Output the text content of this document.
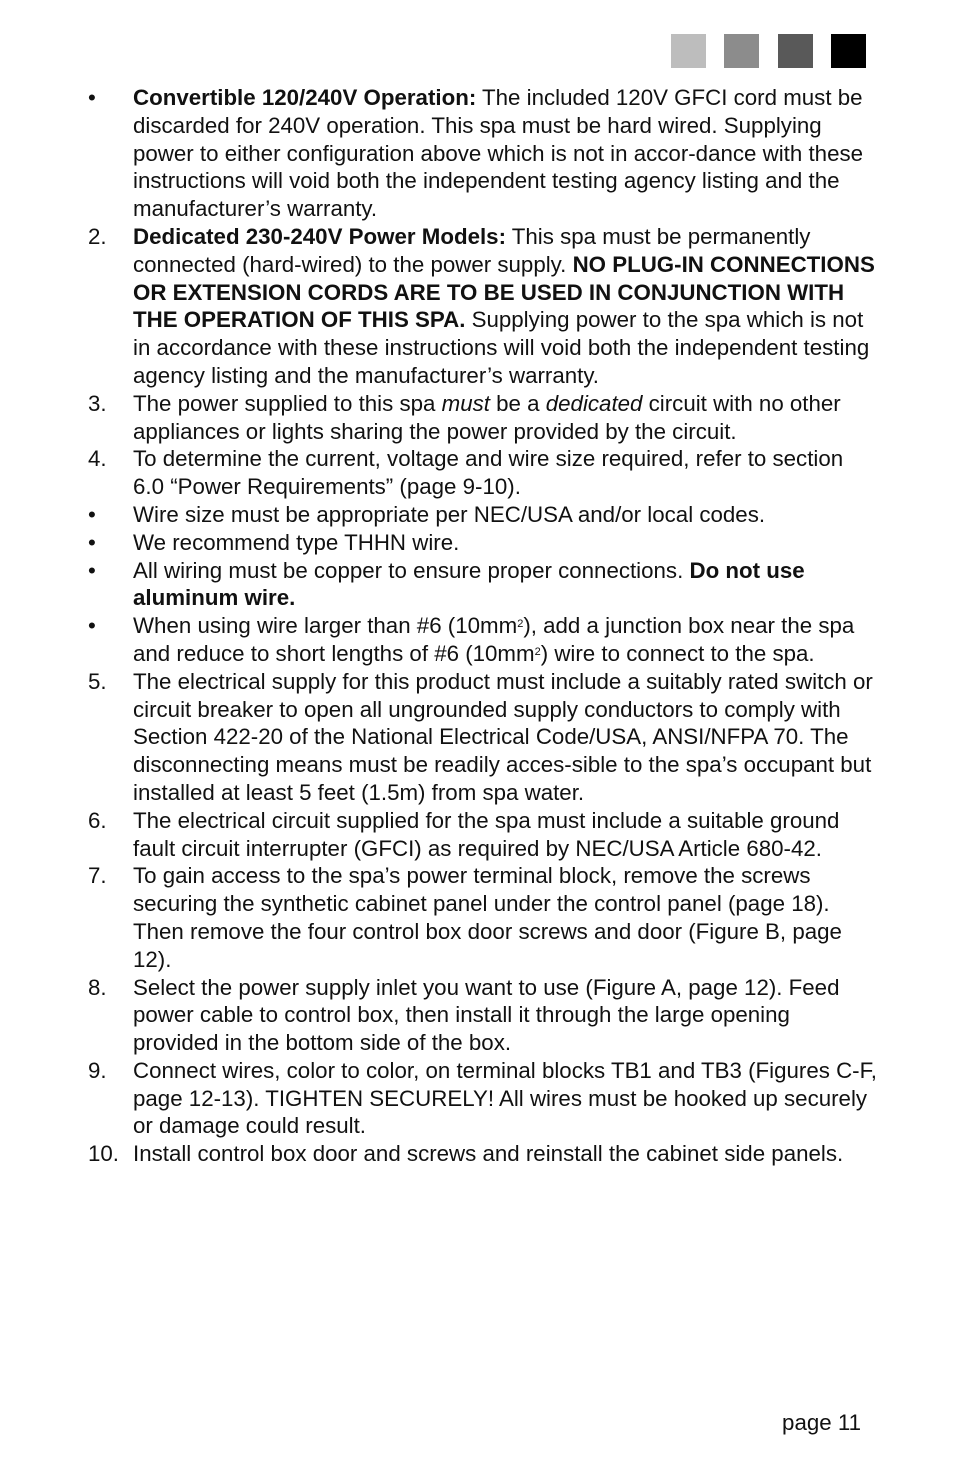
•	Convertible 120/240V Operation: The included 120V GFCI cord must be discarded for 240V operation. This spa must be hard wired. Supplying power to either configuration above which is not in accor-dance with these instructions will void both the independent testing agency listing and the manufacturer’s warranty.
2.	Dedicated 230-240V Power Models: This spa must be permanently connected (hard-wired) to the power supply. NO PLUG-IN CONNECTIONS OR EXTENSION CORDS ARE TO BE USED IN CONJUNCTION WITH THE OPERATION OF THIS SPA. Supplying power to the spa which is not in accordance with these instructions will void both the independent testing agency listing and the manufacturer’s warranty.
3.	The power supplied to this spa must be a dedicated circuit with no other appliances or lights sharing the power provided by the circuit.
4.	To determine the current, voltage and wire size required, refer to section 6.0 “Power Requirements” (page 9-10).
•	Wire size must be appropriate per NEC/USA and/or local codes.
•	We recommend type THHN wire.
•	All wiring must be copper to ensure proper connections. Do not use aluminum wire.
•	When using wire larger than #6 $(10mm^2)$, add a junction box near the spa and reduce to short lengths of #6 $(10mm^2)$ wire to connect to the spa.
5.	The electrical supply for this product must include a suitably rated switch or circuit breaker to open all ungrounded supply conductors to comply with Section 422-20 of the National Electrical Code/USA, ANSI/NFPA 70. The disconnecting means must be readily acces-sible to the spa’s occupant but installed at least 5 feet (1.5m) from spa water.
6.	The electrical circuit supplied for the spa must include a suitable ground fault circuit interrupter (GFCI) as required by NEC/USA Article 680-42.
7.	To gain access to the spa’s power terminal block, remove the screws securing the synthetic cabinet panel under the control panel (page 18). Then remove the four control box door screws and door (Figure B, page 12).
8.	Select the power supply inlet you want to use (Figure A, page 12). Feed power cable to control box, then install it through the large opening provided in the bottom side of the box.
9.	Connect wires, color to color, on terminal blocks TB1 and TB3 (Figures C-F, page 12-13). TIGHTEN SECURELY! All wires must be hooked up securely or damage could result.
10. Install control box door and screws and reinstall the cabinet side panels.
page 11
